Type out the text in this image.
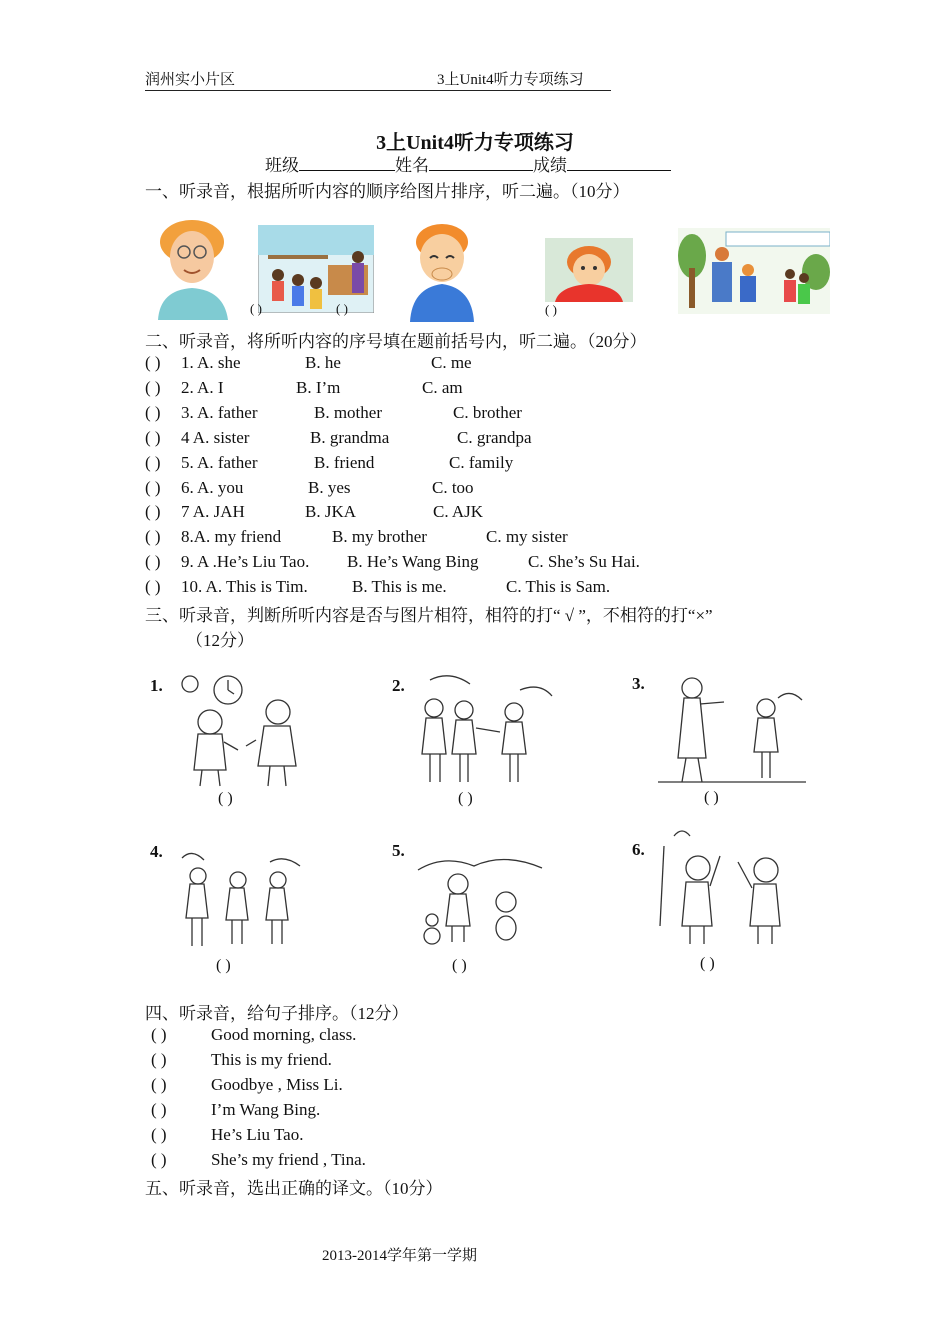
润州实小片区	3上Unit4听力专项练习
3上Unit4听力专项练习
班级	姓名	成绩
一、听录音，根据所听内容的顺序给图片排序，听二遍。（10分）
( )	( )	( )
二、听录音，将所听内容的序号填在题前括号内，听二遍。（20分）
( ) 1. A. she	B. he	C. me
( ) 2. A. I	B. I’m	C. am
( ) 3. A. father	B. mother	C. brother
( ) 4 A. sister	B. grandma	C. grandpa
( ) 5. A. father	B. friend	C. family
( ) 6. A. you	B. yes	C. too
( ) 7 A. JAH	B. JKA	C. AJK
( ) 8.A. my friend	B. my brother	C. my sister
( ) 9. A .He’s Liu Tao. B. He’s Wang Bing	C. She’s Su Hai.
( ) 10. A. This is Tim.	B. This is me.	C. This is Sam.
三、听录音，判断所听内容是否与图片相符，相符的打“ √ ”，不相符的打“×”
（12分）
1.
( )
2.
( )
3.
( )
4.
( )
5.
( )
6.
( )
四、听录音，给句子排序。（12分）
( )	Good morning, class.
( )	This is my friend.
( )	Goodbye , Miss Li.
( )	I’m Wang Bing.
( )	He’s Liu Tao.
( )	She’s my friend , Tina.
五、听录音，选出正确的译文。（10分）
2013-2014学年第一学期
